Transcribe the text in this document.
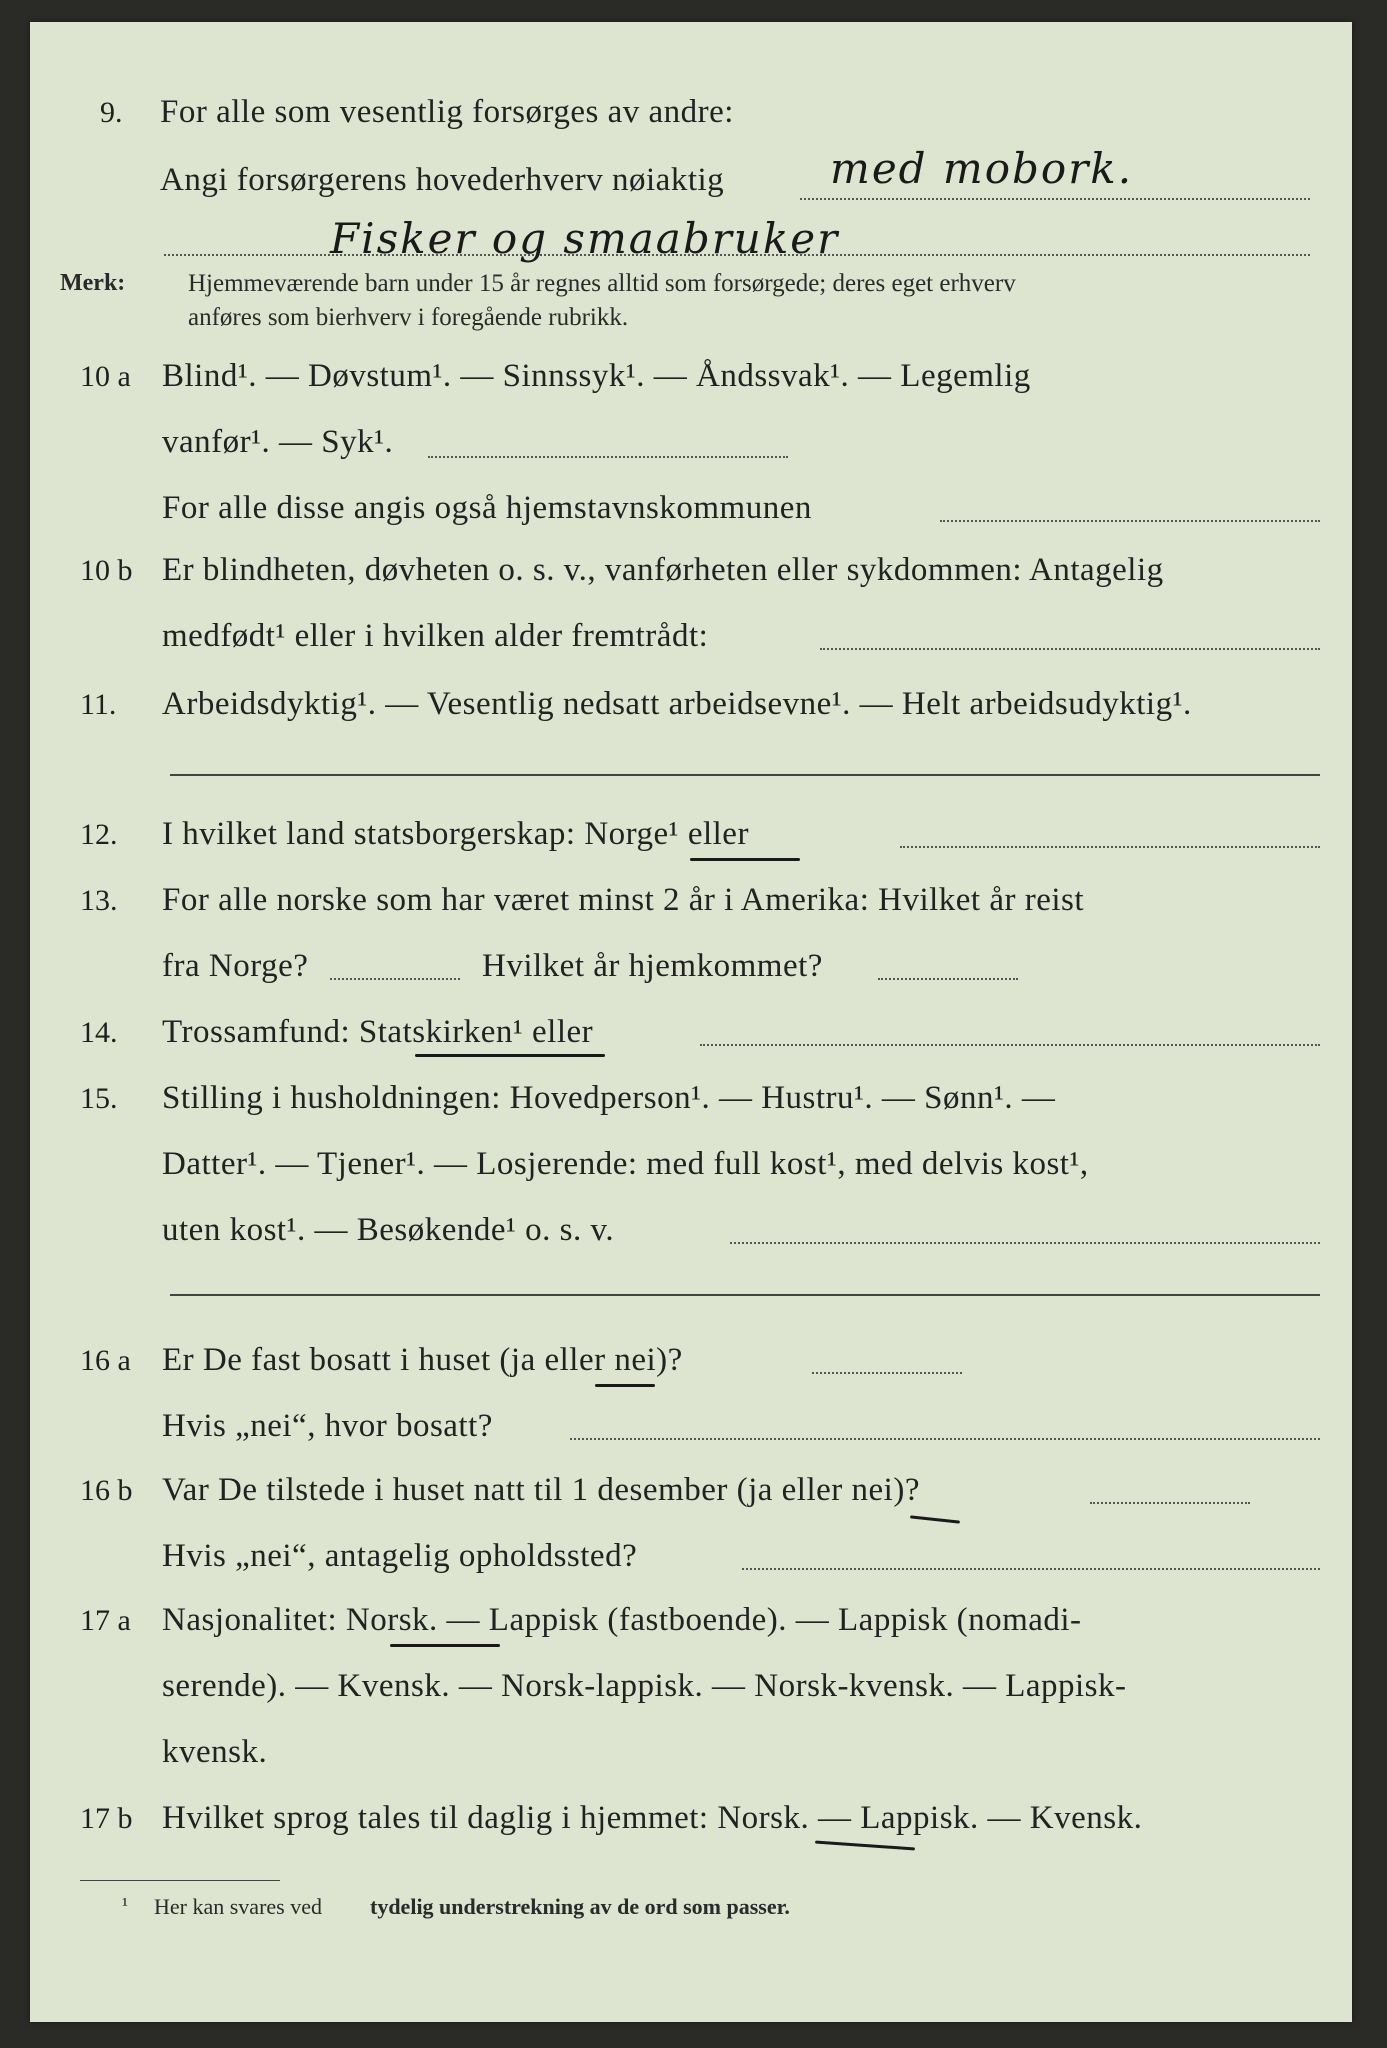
9. For alle som vesentlig forsørges av andre:
Angi forsørgerens hovederhverv nøiaktig	med mobork.
Fisker og smaabruker
Merk:	Hjemmeværende barn under 15 år regnes alltid som forsørgede; deres eget erhverv
anføres som bierhverv i foregående rubrikk.
10 a Blind¹. — Døvstum¹. — Sinnssyk¹. — Åndssvak¹. — Legemlig
vanfør¹. — Syk¹.
For alle disse angis også hjemstavnskommunen
10 b Er blindheten, døvheten o. s. v., vanførheten eller sykdommen: Antagelig
medfødt¹ eller i hvilken alder fremtrådt:
11. Arbeidsdyktig¹. — Vesentlig nedsatt arbeidsevne¹. — Helt arbeidsudyktig¹.
12. I hvilket land statsborgerskap: Norge¹ eller
13. For alle norske som har været minst 2 år i Amerika: Hvilket år reist
fra Norge?	Hvilket år hjemkommet?
14. Trossamfund: Statskirken¹ eller
15. Stilling i husholdningen: Hovedperson¹. — Hustru¹. — Sønn¹. —
Datter¹. — Tjener¹. — Losjerende: med full kost¹, med delvis kost¹,
uten kost¹. — Besøkende¹ o. s. v.
16 a Er De fast bosatt i huset (ja eller nei)?
Hvis „nei“, hvor bosatt?
16 b Var De tilstede i huset natt til 1 desember (ja eller nei)?
Hvis „nei“, antagelig opholdssted?
17 a Nasjonalitet: Norsk. — Lappisk (fastboende). — Lappisk (nomadi-
serende). — Kvensk. — Norsk-lappisk. — Norsk-kvensk. — Lappisk-
kvensk.
17 b Hvilket sprog tales til daglig i hjemmet: Norsk. — Lappisk. — Kvensk.
¹ Her kan svares ved tydelig understrekning av de ord som passer.
